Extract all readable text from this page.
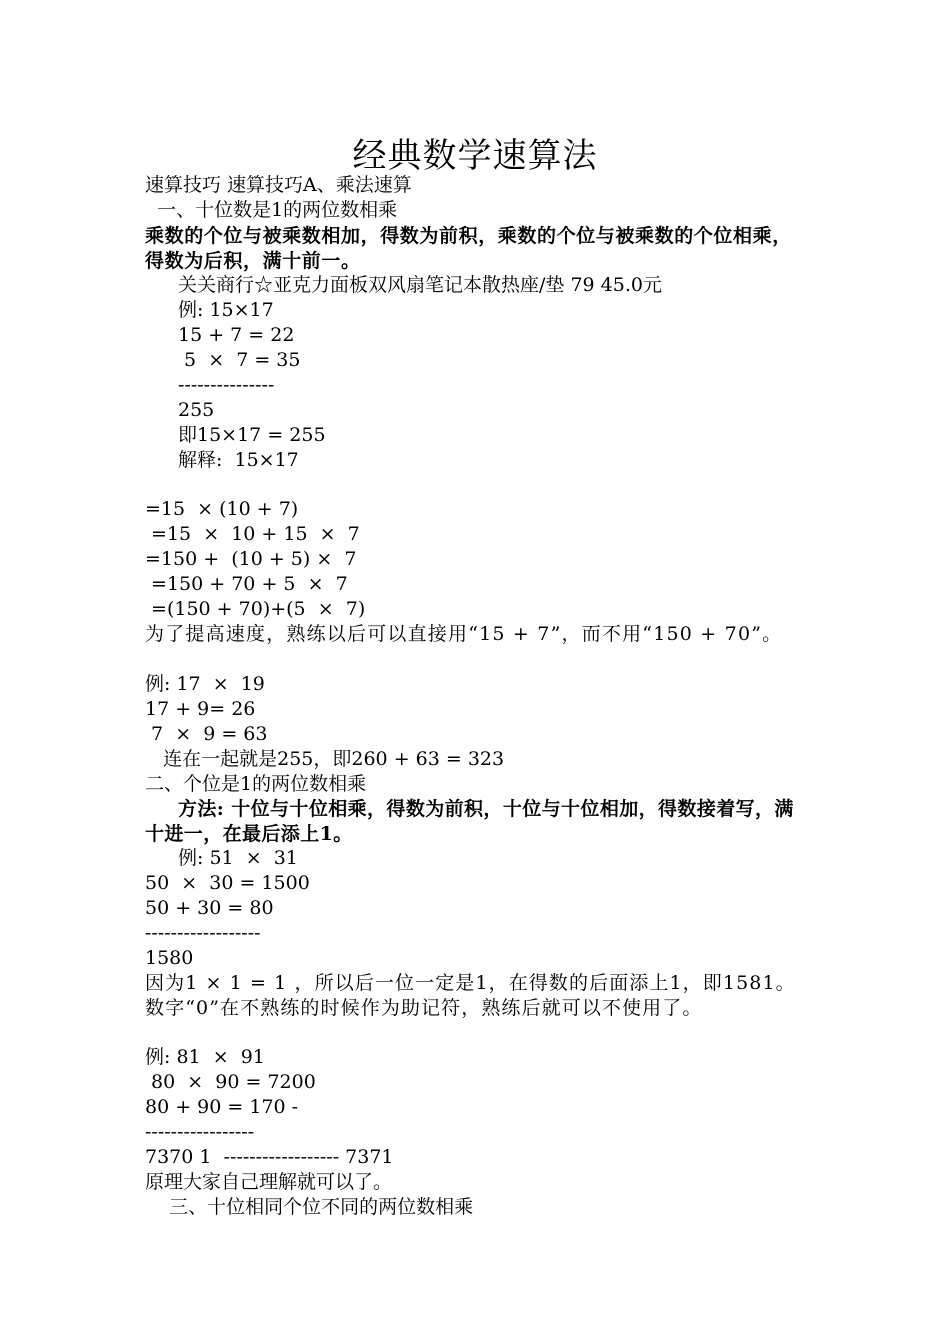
经典数学速算法
速算技巧 速算技巧A、乘法速算
一、十位数是1的两位数相乘
乘数的个位与被乘数相加，得数为前积，乘数的个位与被乘数的个位相乘，得数为后积，满十前一。
关关商行☆亚克力面板双风扇笔记本散热座/垫 79 45.0元
例: 15×17
15 + 7 = 22
5  ×  7 = 35
---------------
255
即15×17 = 255
解释:  15×17
=15  × (10 + 7)
=15  ×  10 + 15  ×  7
=150 +  (10 + 5) ×  7
=150 + 70 + 5  ×  7
=(150 + 70)+(5  ×  7)
为了提高速度，熟练以后可以直接用“15 + 7”，而不用“150 + 70”。
例: 17  ×  19
17 + 9= 26
7  ×  9 = 63
连在一起就是255，即260 + 63 = 323
二、个位是1的两位数相乘
方法: 十位与十位相乘，得数为前积，十位与十位相加，得数接着写，满十进一，在最后添上1。
例: 51  ×  31
50  ×  30 = 1500
50 + 30 = 80
------------------
1580
因为1 × 1 = 1 ，所以后一位一定是1，在得数的后面添上1，即1581。数字“0”在不熟练的时候作为助记符，熟练后就可以不使用了。
例: 81  ×  91
80  ×  90 = 7200
80 + 90 = 170 -
-----------------
7370 1  ------------------ 7371
原理大家自己理解就可以了。
三、十位相同个位不同的两位数相乘
